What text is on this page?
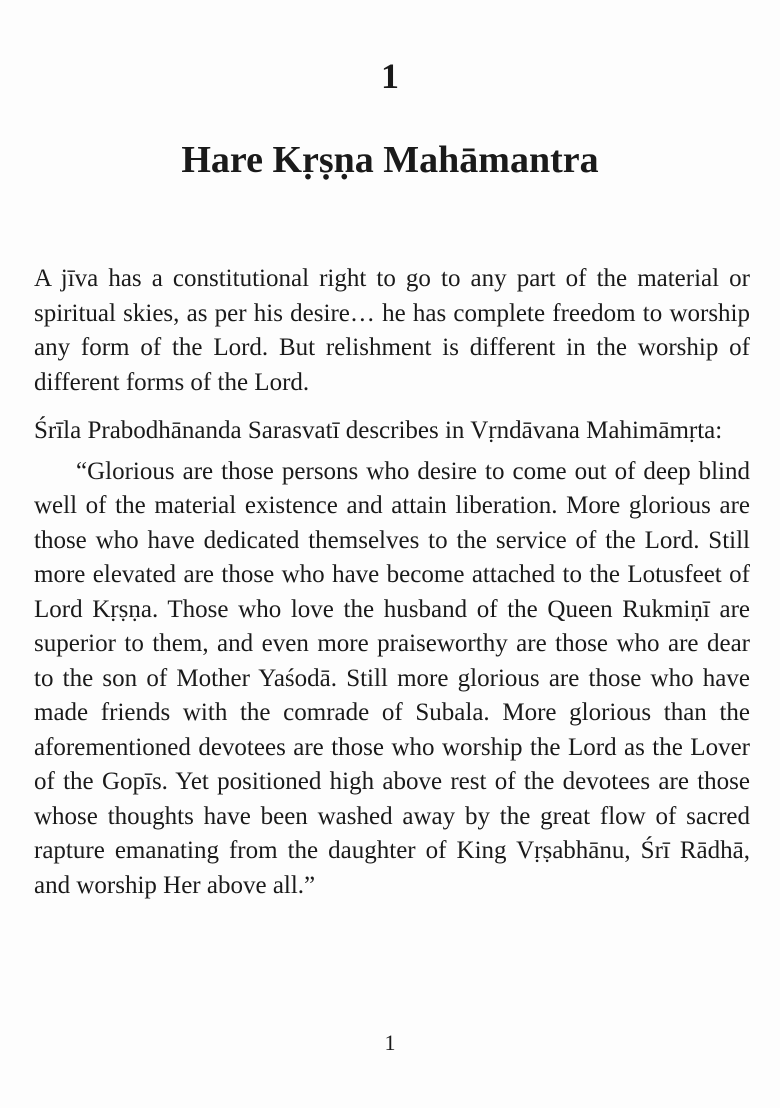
1
Hare Kṛṣṇa Mahāmantra

A jīva has a constitutional right to go to any part of the material or spiritual skies, as per his desire… he has complete freedom to worship any form of the Lord. But relishment is different in the worship of different forms of the Lord.

Śrīla Prabodhānanda Sarasvatī describes in Vṛndāvana Mahimāmṛta:

“Glorious are those persons who desire to come out of deep blind well of the material existence and attain liberation. More glorious are those who have dedicated themselves to the service of the Lord. Still more elevated are those who have become attached to the Lotusfeet of Lord Kṛṣṇa. Those who love the husband of the Queen Rukmiṇī are superior to them, and even more praiseworthy are those who are dear to the son of Mother Yaśodā. Still more glorious are those who have made friends with the comrade of Subala. More glorious than the aforementioned devotees are those who worship the Lord as the Lover of the Gopīs. Yet positioned high above rest of the devotees are those whose thoughts have been washed away by the great flow of sacred rapture emanating from the daughter of King Vṛṣabhānu, Śrī Rādhā, and worship Her above all.”

1
